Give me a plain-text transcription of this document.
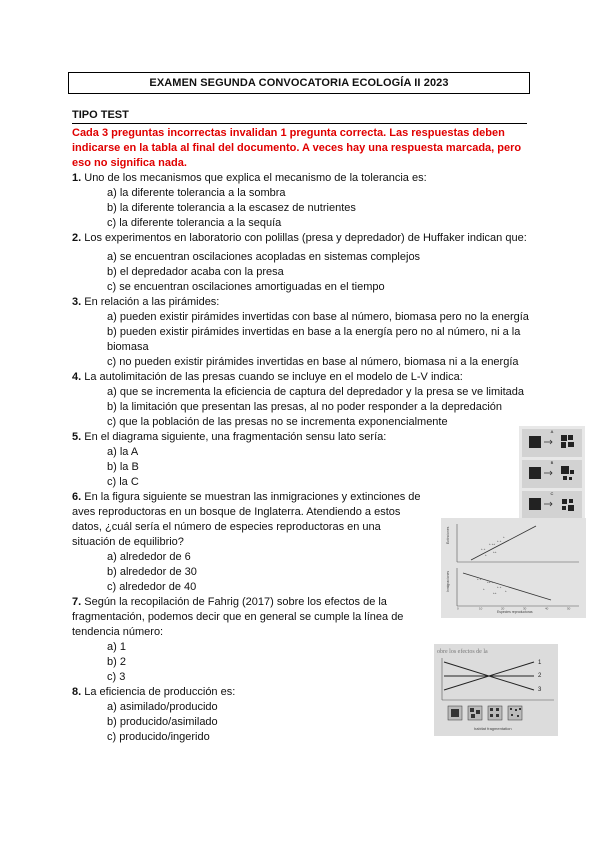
EXAMEN SEGUNDA CONVOCATORIA ECOLOGÍA II 2023
TIPO TEST
Cada 3 preguntas incorrectas invalidan 1 pregunta correcta. Las respuestas deben indicarse en la tabla al final del documento. A veces hay una respuesta marcada, pero eso no significa nada.
1. Uno de los mecanismos que explica el mecanismo de la tolerancia es:
a) la diferente tolerancia a la sombra
b) la diferente tolerancia a la escasez de nutrientes
c) la diferente tolerancia a la sequía
2. Los experimentos en laboratorio con polillas (presa y depredador) de Huffaker indican que:
a) se encuentran oscilaciones acopladas en sistemas complejos
b) el depredador acaba con la presa
c) se encuentran oscilaciones amortiguadas en el tiempo
3. En relación a las pirámides:
a) pueden existir pirámides invertidas con base al número, biomasa pero no la energía
b) pueden existir pirámides invertidas en base a la energía pero no al número, ni a la biomasa
c) no pueden existir pirámides invertidas en base al número, biomasa ni a la energía
4. La autolimitación de las presas cuando se incluye en el modelo de L-V indica:
a) que se incrementa la eficiencia de captura del depredador y la presa se ve limitada
b) la limitación que presentan las presas, al no poder responder a la depredación
c) que la población de las presas no se incrementa exponencialmente
5. En el diagrama siguiente, una fragmentación sensu lato sería:
a) la A
b) la B
c) la C
6. En la figura siguiente se muestran las inmigraciones y extinciones de aves reproductoras en un bosque de Inglaterra. Atendiendo a estos datos, ¿cuál sería el número de especies reproductoras en una situación de equilibrio?
a) alrededor de 6
b) alrededor de 30
c) alrededor de 40
7. Según la recopilación de Fahrig (2017) sobre los efectos de la fragmentación, podemos decir que en general se cumple la línea de tendencia número:
a) 1
b) 2
c) 3
8. La eficiencia de producción es:
a) asimilado/producido
b) producido/asimilado
c) producido/ingerido
A
B
C
Extinciones
Inmigraciones
Especies reproductoras
0	10	20	30	40	50
+ +
+ ++
+ +
+
+
++
+ +
++ +
+ +
+	+
++
obre los efectos de la
1
2
3
habitat fragmentation
